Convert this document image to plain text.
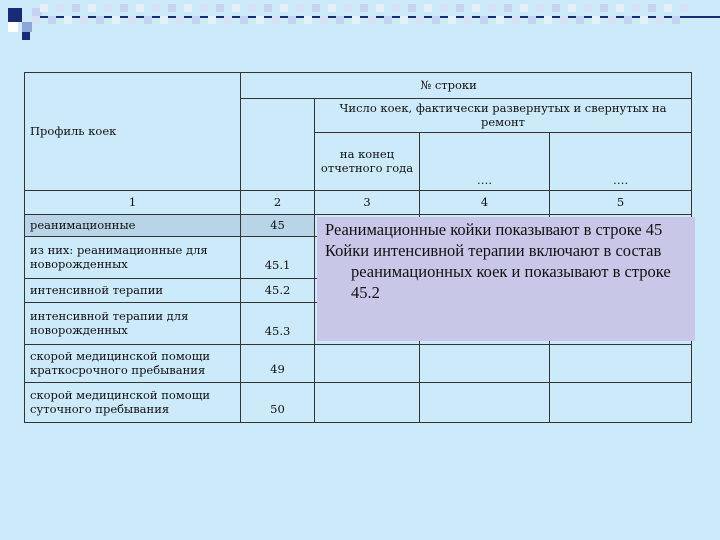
Профиль коек	№ строки			
		Число коек, фактически развернутых и свернутых на ремонт		
		на конец отчетного года	….	….
1	2	3	4	5
реанимационные	45			
из них: реанимационные для новорожденных	45.1			
интенсивной терапии	45.2			
интенсивной терапии для новорожденных	45.3			
скорой медицинской помощи краткосрочного пребывания	49			
скорой медицинской помощи суточного пребывания	50			

Реанимационные койки показывают в строке 45

Койки интенсивной терапии включают в состав реанимационных коек и показывают в строке 45.2
